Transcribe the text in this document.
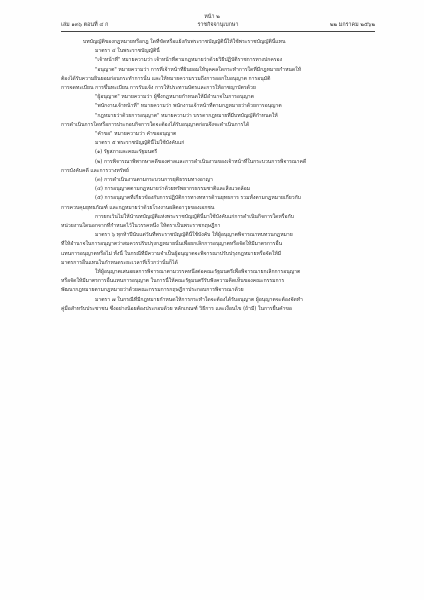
หน้า ๒
เล่ม ๑๓๖ ตอนที่ ๔ ก	ราชกิจจานุเบกษา	๒๒ มกราคม ๒๕๖๒

บทบัญญัติของกฎหมายหรือกฎ ใดที่ขัดหรือแย้งกับพระราชบัญญัตินี้ให้ใช้พระราชบัญญัตินี้แทน

มาตรา ๔ ในพระราชบัญญัตินี้

"เจ้าหน้าที่" หมายความว่า เจ้าหน้าที่ตามกฎหมายว่าด้วยวิธีปฏิบัติราชการทางปกครอง

"อนุญาต" หมายความว่า การที่เจ้าหน้าที่ยินยอมให้บุคคลใดกระทำการใดที่มีกฎหมายกำหนดให้

ต้องได้รับความยินยอมก่อนกระทำการนั้น และให้หมายความรวมถึงการออกใบอนุญาต การอนุมัติ

การจดทะเบียน การขึ้นทะเบียน การรับแจ้ง การให้ประทานบัตรและการให้อาชญาบัตรด้วย

"ผู้อนุญาต" หมายความว่า ผู้ซึ่งกฎหมายกำหนดให้มีอำนาจในการอนุญาต

"พนักงานเจ้าหน้าที่" หมายความว่า พนักงานเจ้าหน้าที่ตามกฎหมายว่าด้วยการอนุญาต

"กฎหมายว่าด้วยการอนุญาต" หมายความว่า บรรดากฎหมายที่มีบทบัญญัติกำหนดให้

การดำเนินการใดหรือการประกอบกิจการใดจะต้องได้รับอนุญาตก่อนจึงจะดำเนินการได้

"คำขอ" หมายความว่า คำขออนุญาต

มาตรา ๕ พระราชบัญญัตินี้ไม่ใช้บังคับแก่

(๑) รัฐสภาและคณะรัฐมนตรี

(๒) การพิจารณาพิพากษาคดีของศาลและการดำเนินงานของเจ้าหน้าที่ในกระบวนการพิจารณาคดี

การบังคับคดี และการวางทรัพย์

(๓) การดำเนินงานตามกระบวนการยุติธรรมทางอาญา

(๔) การอนุญาตตามกฎหมายว่าด้วยทรัพยากรธรรมชาติและสิ่งแวดล้อม

(๕) การอนุญาตที่เกี่ยวข้องกับการปฏิบัติการทางทหารด้านยุทธการ รวมทั้งตามกฎหมายเกี่ยวกับ

การควบคุมยุทธภัณฑ์ และกฎหมายว่าด้วยโรงงานผลิตอาวุธของเอกชน

การยกเว้นไม่ให้นำบทบัญญัติแห่งพระราชบัญญัตินี้มาใช้บังคับแก่การดำเนินกิจการใดหรือกับ

หน่วยงานใดนอกจากที่กำหนดไว้ในวรรคหนึ่ง ให้ตราเป็นพระราชกฤษฎีกา

มาตรา ๖ ทุกห้าปีนับแต่วันที่พระราชบัญญัตินี้ใช้บังคับ ให้ผู้อนุญาตพิจารณาทบทวนกฎหมาย

ที่ให้อำนาจในการอนุญาตว่าสมควรปรับปรุงกฎหมายนั้นเพื่อยกเลิกการอนุญาตหรือจัดให้มีมาตรการอื่น

แทนการอนุญาตหรือไม่ ทั้งนี้ ในกรณีที่มีความจำเป็นผู้อนุญาตจะพิจารณาปรับปรุงกฎหมายหรือจัดให้มี

มาตรการอื่นแทนในกำหนดระยะเวลาที่เร็วกว่านั้นก็ได้

ให้ผู้อนุญาตเสนอผลการพิจารณาตามวรรคหนึ่งต่อคณะรัฐมนตรีเพื่อพิจารณายกเลิกการอนุญาต

หรือจัดให้มีมาตรการอื่นแทนการอนุญาต ในการนี้ให้คณะรัฐมนตรีรับฟังความคิดเห็นของคณะกรรมการ

พัฒนากฎหมายตามกฎหมายว่าด้วยคณะกรรมการกฤษฎีกาประกอบการพิจารณาด้วย

มาตรา ๗ ในกรณีที่มีกฎหมายกำหนดให้การกระทำใดจะต้องได้รับอนุญาต ผู้อนุญาตจะต้องจัดทำ

คู่มือสำหรับประชาชน ซึ่งอย่างน้อยต้องประกอบด้วย หลักเกณฑ์ วิธีการ และเงื่อนไข (ถ้ามี) ในการยื่นคำขอ
